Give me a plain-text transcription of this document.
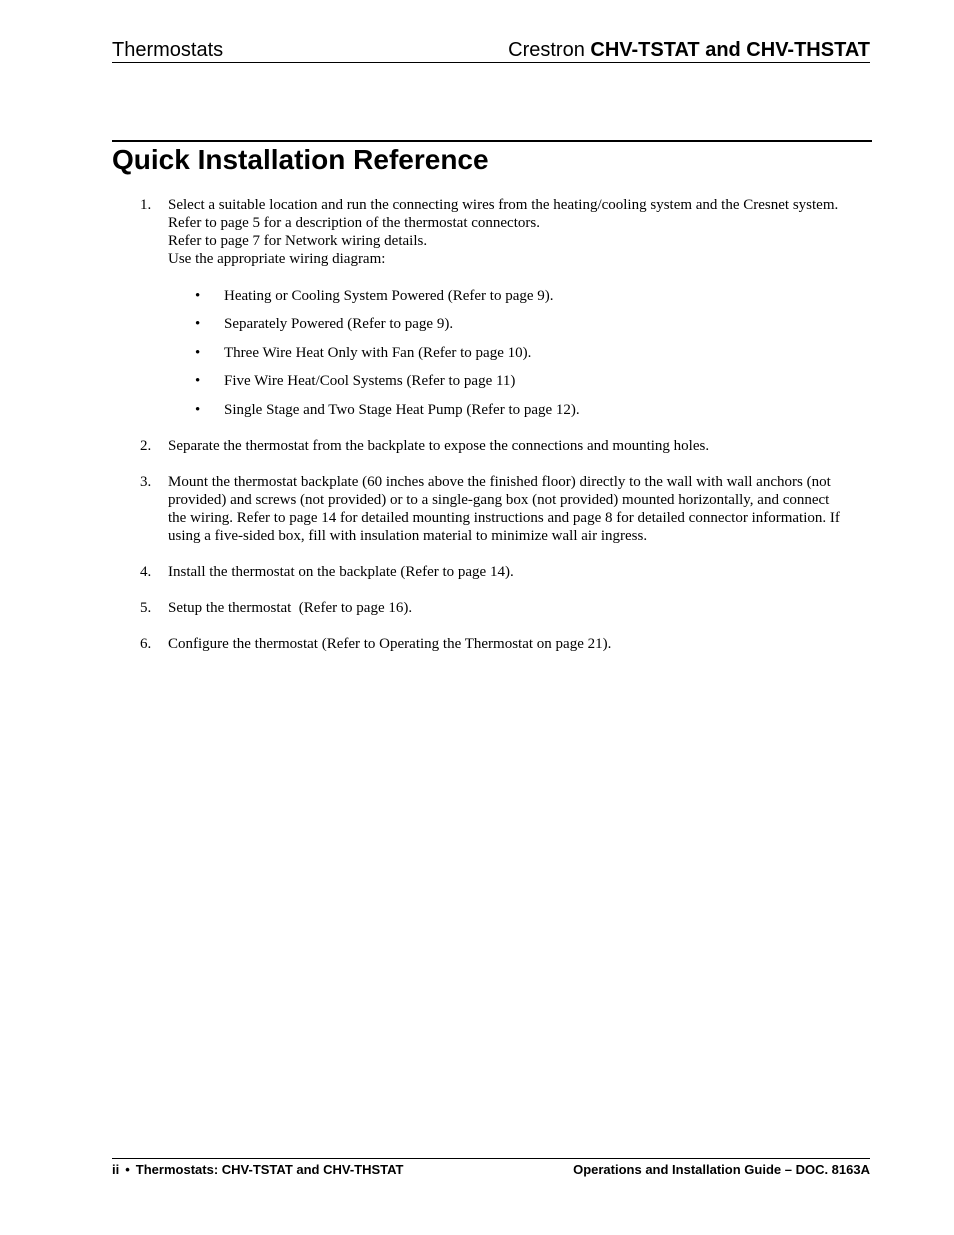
Thermostats	Crestron CHV-TSTAT and CHV-THSTAT
Quick Installation Reference
1. Select a suitable location and run the connecting wires from the heating/cooling system and the Cresnet system.

Refer to page 5 for a description of the thermostat connectors.

Refer to page 7 for Network wiring details.

Use the appropriate wiring diagram:

• Heating or Cooling System Powered (Refer to page 9).
• Separately Powered (Refer to page 9).
• Three Wire Heat Only with Fan (Refer to page 10).
• Five Wire Heat/Cool Systems (Refer to page 11)
• Single Stage and Two Stage Heat Pump (Refer to page 12).
2. Separate the thermostat from the backplate to expose the connections and mounting holes.

3. Mount the thermostat backplate (60 inches above the finished floor) directly to the wall with wall anchors (not

provided) and screws (not provided) or to a single-gang box (not provided) mounted horizontally, and connect

the wiring. Refer to page 14 for detailed mounting instructions and page 8 for detailed connector information. If

using a five-sided box, fill with insulation material to minimize wall air ingress.

4. Install the thermostat on the backplate (Refer to page 14).

5. Setup the thermostat  (Refer to page 16).

6. Configure the thermostat (Refer to Operating the Thermostat on page 21).

ii • Thermostats: CHV-TSTAT and CHV-THSTAT	Operations and Installation Guide – DOC. 8163A
